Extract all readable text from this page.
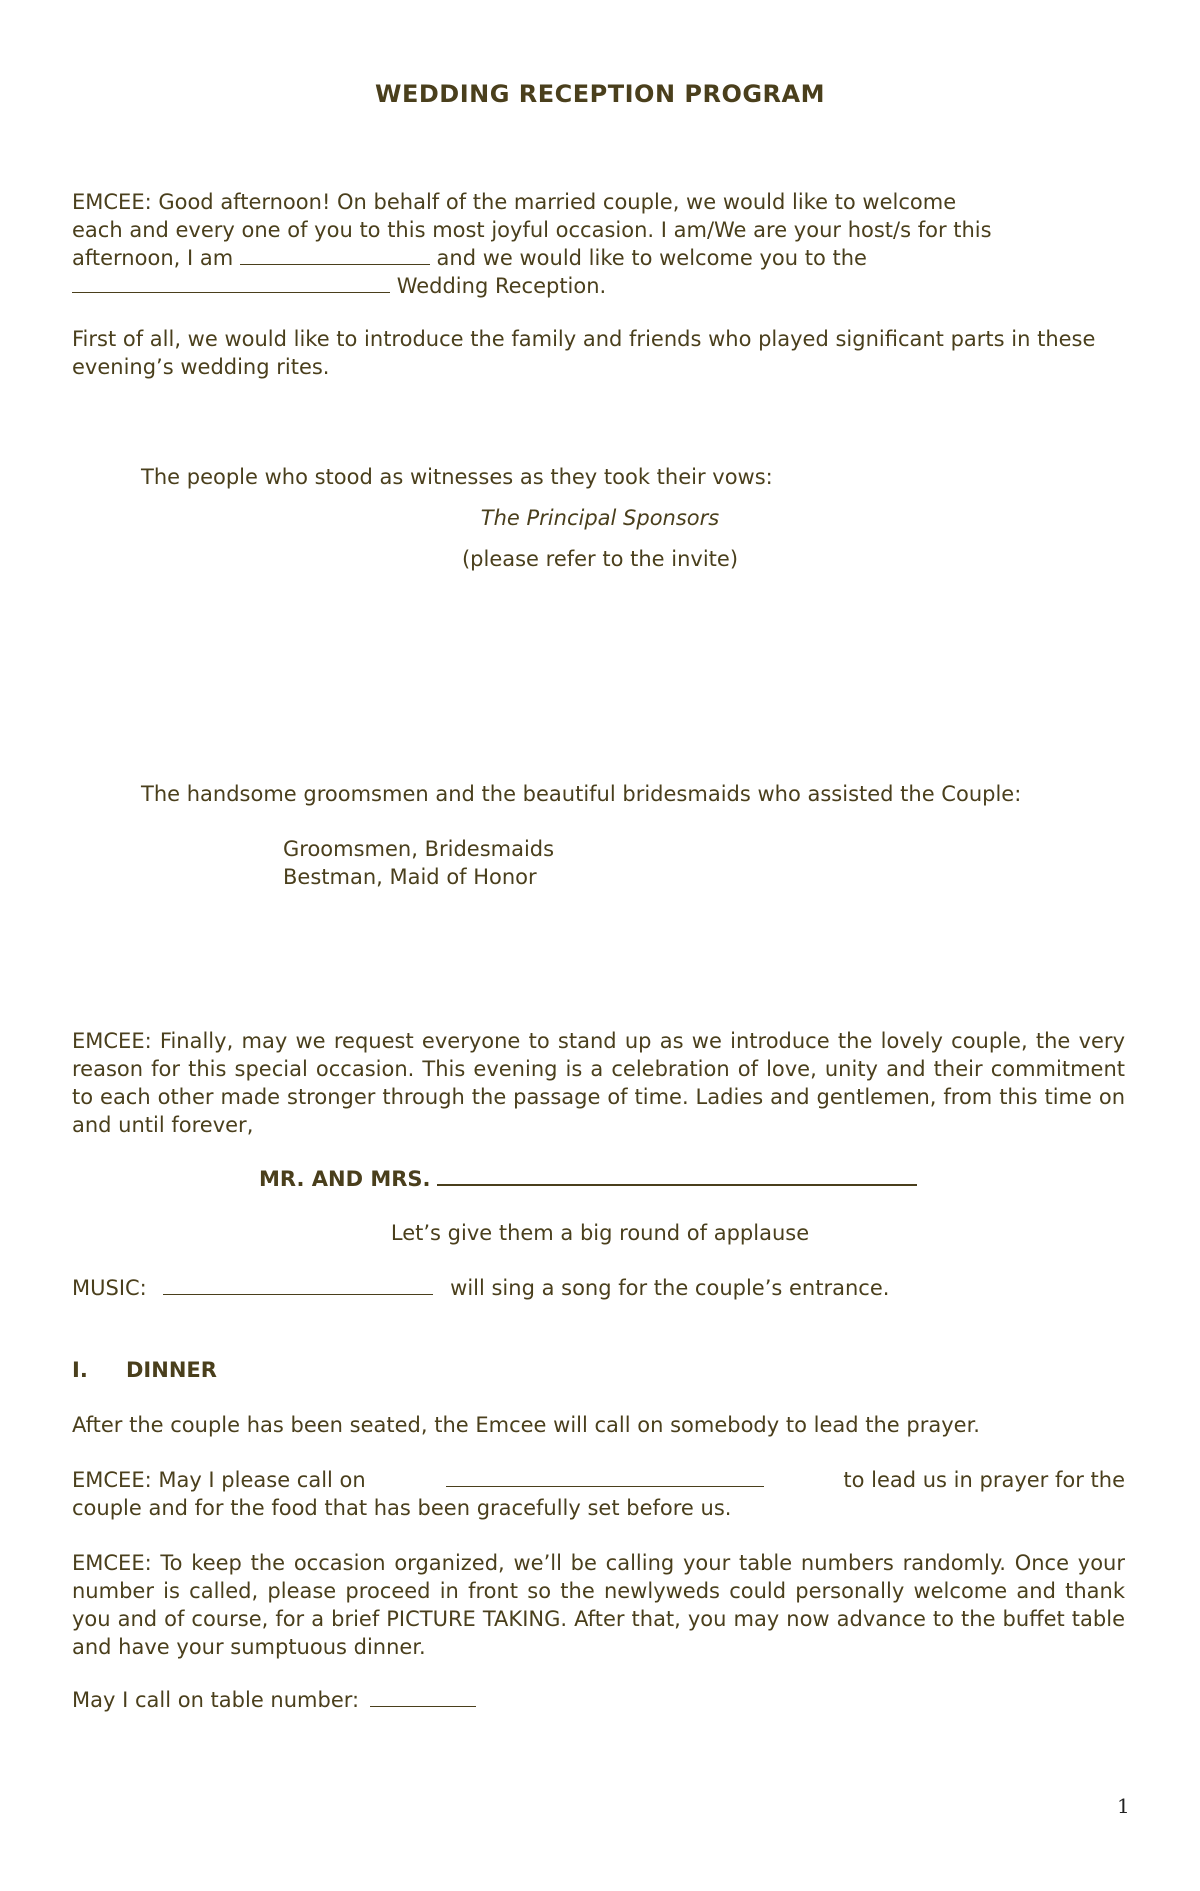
WEDDING RECEPTION PROGRAM
EMCEE: Good afternoon! On behalf of the married couple, we would like to welcome
each and every one of you to this most joyful occasion. I am/We are your host/s for this
afternoon, I am	and we would like to welcome you to the
Wedding Reception.

First of all, we would like to introduce the family and friends who played significant parts in these evening’s wedding rites.

The people who stood as witnesses as they took their vows:

The Principal Sponsors

(please refer to the invite)

The handsome groomsmen and the beautiful bridesmaids who assisted the Couple:

Groomsmen, Bridesmaids
Bestman, Maid of Honor

EMCEE: Finally, may we request everyone to stand up as we introduce the lovely couple, the very reason for this special occasion. This evening is a celebration of love, unity and their commitment to each other made stronger through the passage of time. Ladies and gentlemen, from this time on and until forever,

MR. AND MRS.

Let’s give them a big round of applause

MUSIC:	will sing a song for the couple’s entrance.
I. DINNER

After the couple has been seated, the Emcee will call on somebody to lead the prayer.

EMCEE: May I please call on	to lead us in prayer for the
couple and for the food that has been gracefully set before us.

EMCEE: To keep the occasion organized, we’ll be calling your table numbers randomly. Once your number is called, please proceed in front so the newlyweds could personally welcome and thank you and of course, for a brief PICTURE TAKING. After that, you may now advance to the buffet table and have your sumptuous dinner.

May I call on table number:
1
